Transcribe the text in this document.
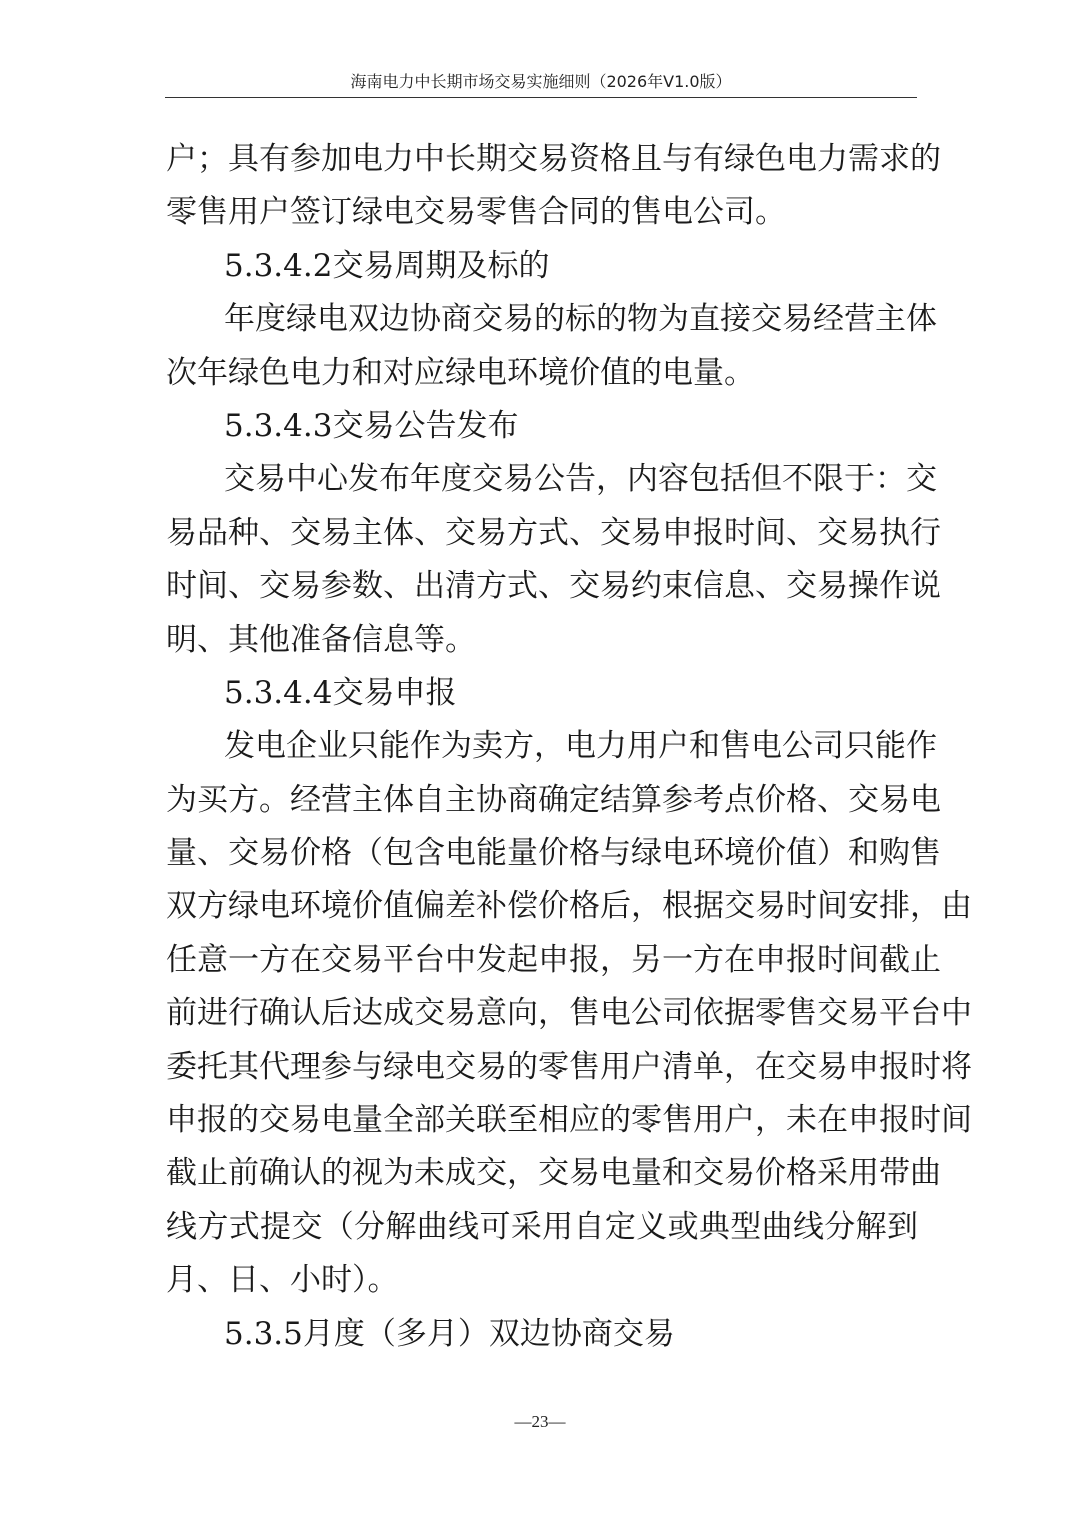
海南电力中长期市场交易实施细则（2026年V1.0版）
户；具有参加电力中长期交易资格且与有绿色电力需求的
零售用户签订绿电交易零售合同的售电公司。
5.3.4.2交易周期及标的
年度绿电双边协商交易的标的物为直接交易经营主体
次年绿色电力和对应绿电环境价值的电量。
5.3.4.3交易公告发布
交易中心发布年度交易公告，内容包括但不限于：交
易品种、交易主体、交易方式、交易申报时间、交易执行
时间、交易参数、出清方式、交易约束信息、交易操作说
明、其他准备信息等。
5.3.4.4交易申报
发电企业只能作为卖方，电力用户和售电公司只能作
为买方。经营主体自主协商确定结算参考点价格、交易电
量、交易价格（包含电能量价格与绿电环境价值）和购售
双方绿电环境价值偏差补偿价格后，根据交易时间安排，由
任意一方在交易平台中发起申报，另一方在申报时间截止
前进行确认后达成交易意向，售电公司依据零售交易平台中
委托其代理参与绿电交易的零售用户清单，在交易申报时将
申报的交易电量全部关联至相应的零售用户，未在申报时间
截止前确认的视为未成交，交易电量和交易价格采用带曲
线方式提交（分解曲线可采用自定义或典型曲线分解到
月、日、小时）。
5.3.5月度（多月）双边协商交易
—23—
